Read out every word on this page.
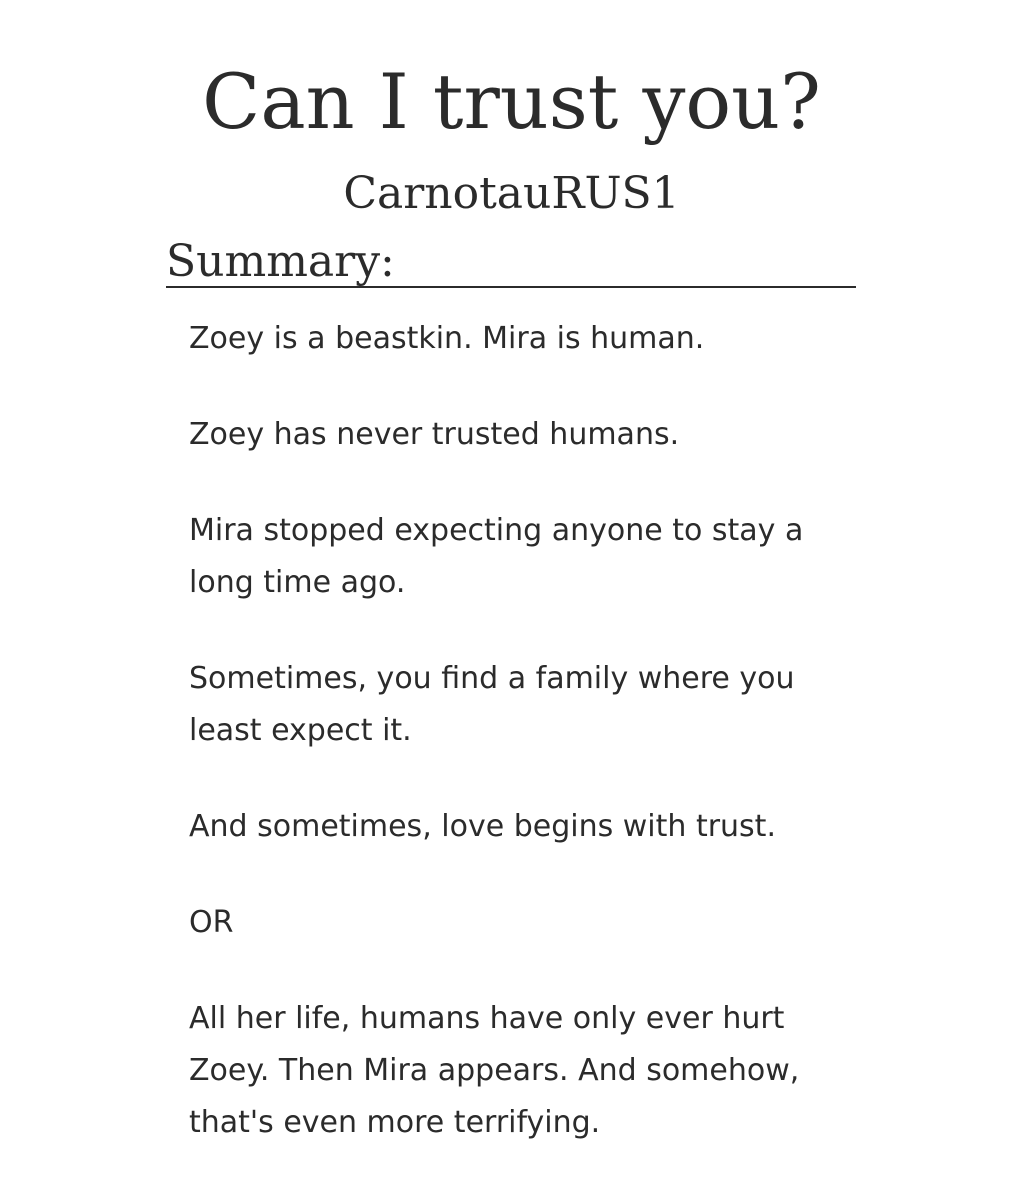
Can I trust you?
CarnotauRUS1
Summary:

Zoey is a beastkin. Mira is human.

Zoey has never trusted humans.

Mira stopped expecting anyone to stay a long time ago.

Sometimes, you find a family where you least expect it.

And sometimes, love begins with trust.

OR

All her life, humans have only ever hurt Zoey. Then Mira appears. And somehow, that's even more terrifying.
